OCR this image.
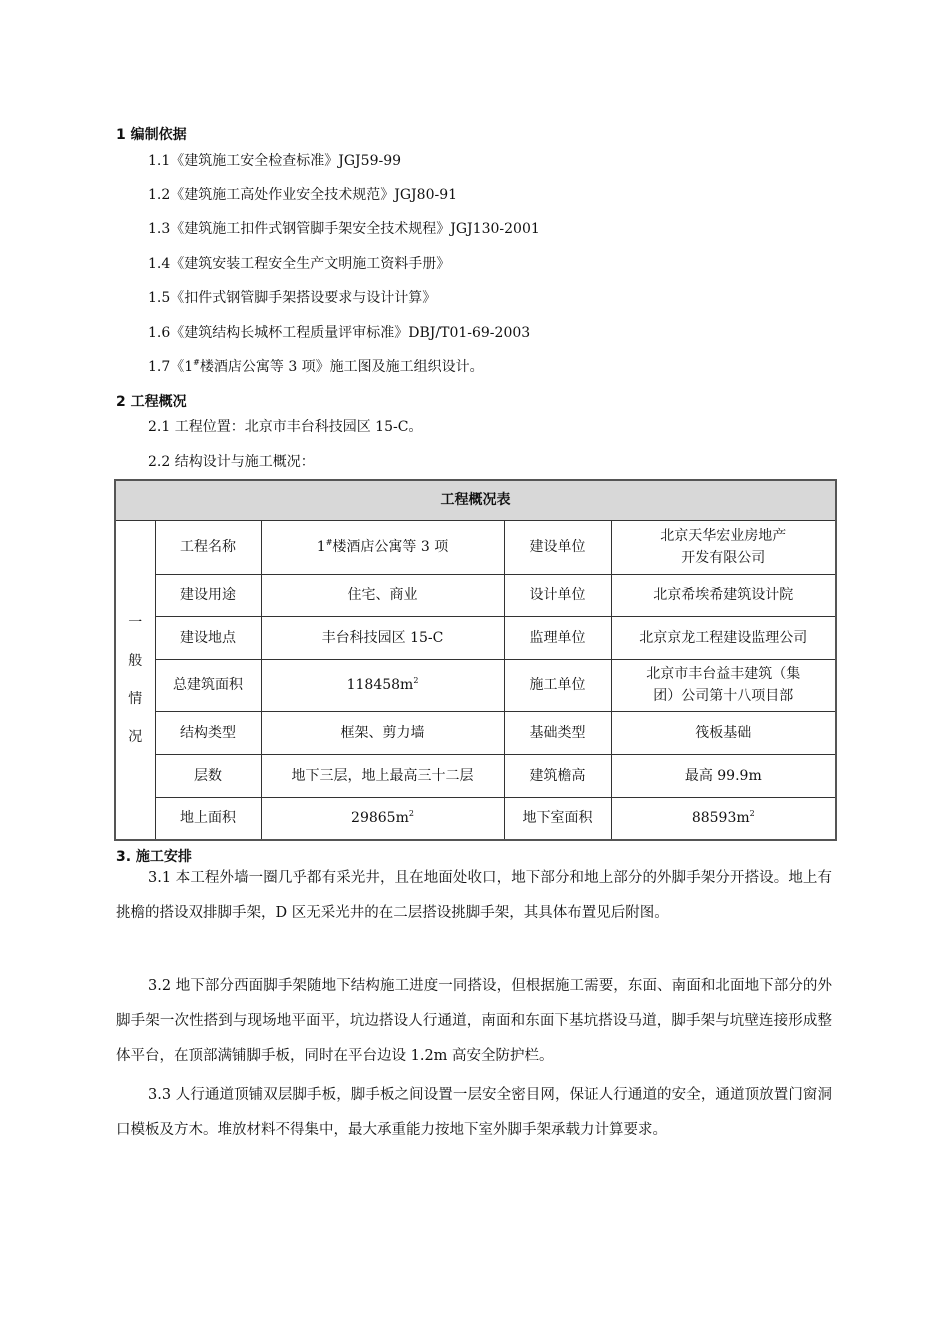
1 编制依据
1.1《建筑施工安全检查标准》JGJ59-99
1.2《建筑施工高处作业安全技术规范》JGJ80-91
1.3《建筑施工扣件式钢管脚手架安全技术规程》JGJ130-2001
1.4《建筑安装工程安全生产文明施工资料手册》
1.5《扣件式钢管脚手架搭设要求与设计计算》
1.6《建筑结构长城杯工程质量评审标准》DBJ/T01-69-2003
1.7《1#楼酒店公寓等 3 项》施工图及施工组织设计。
2 工程概况
2.1 工程位置：北京市丰台科技园区 15-C。
2.2 结构设计与施工概况：
工程概况表				
一
般
情
况	工程名称	1#楼酒店公寓等 3 项	建设单位	北京天华宏业房地产
开发有限公司
	建设用途	住宅、商业	设计单位	北京希埃希建筑设计院
	建设地点	丰台科技园区 15-C	监理单位	北京京龙工程建设监理公司
	总建筑面积	$118458m^2$	施工单位	北京市丰台益丰建筑（集
团）公司第十八项目部
	结构类型	框架、剪力墙	基础类型	筏板基础
	层数	地下三层，地上最高三十二层	建筑檐高	最高 99.9m
	地上面积	$29865m^2$	地下室面积	$88593m^2$
3. 施工安排

3.1 本工程外墙一圈几乎都有采光井，且在地面处收口，地下部分和地上部分的外脚手架分开搭设。地上有挑檐的搭设双排脚手架，D 区无采光井的在二层搭设挑脚手架，其具体布置见后附图。

3.2 地下部分西面脚手架随地下结构施工进度一同搭设，但根据施工需要，东面、南面和北面地下部分的外脚手架一次性搭到与现场地平面平，坑边搭设人行通道，南面和东面下基坑搭设马道，脚手架与坑壁连接形成整体平台，在顶部满铺脚手板，同时在平台边设 1.2m 高安全防护栏。

3.3 人行通道顶铺双层脚手板，脚手板之间设置一层安全密目网，保证人行通道的安全，通道顶放置门窗洞口模板及方木。堆放材料不得集中，最大承重能力按地下室外脚手架承载力计算要求。
